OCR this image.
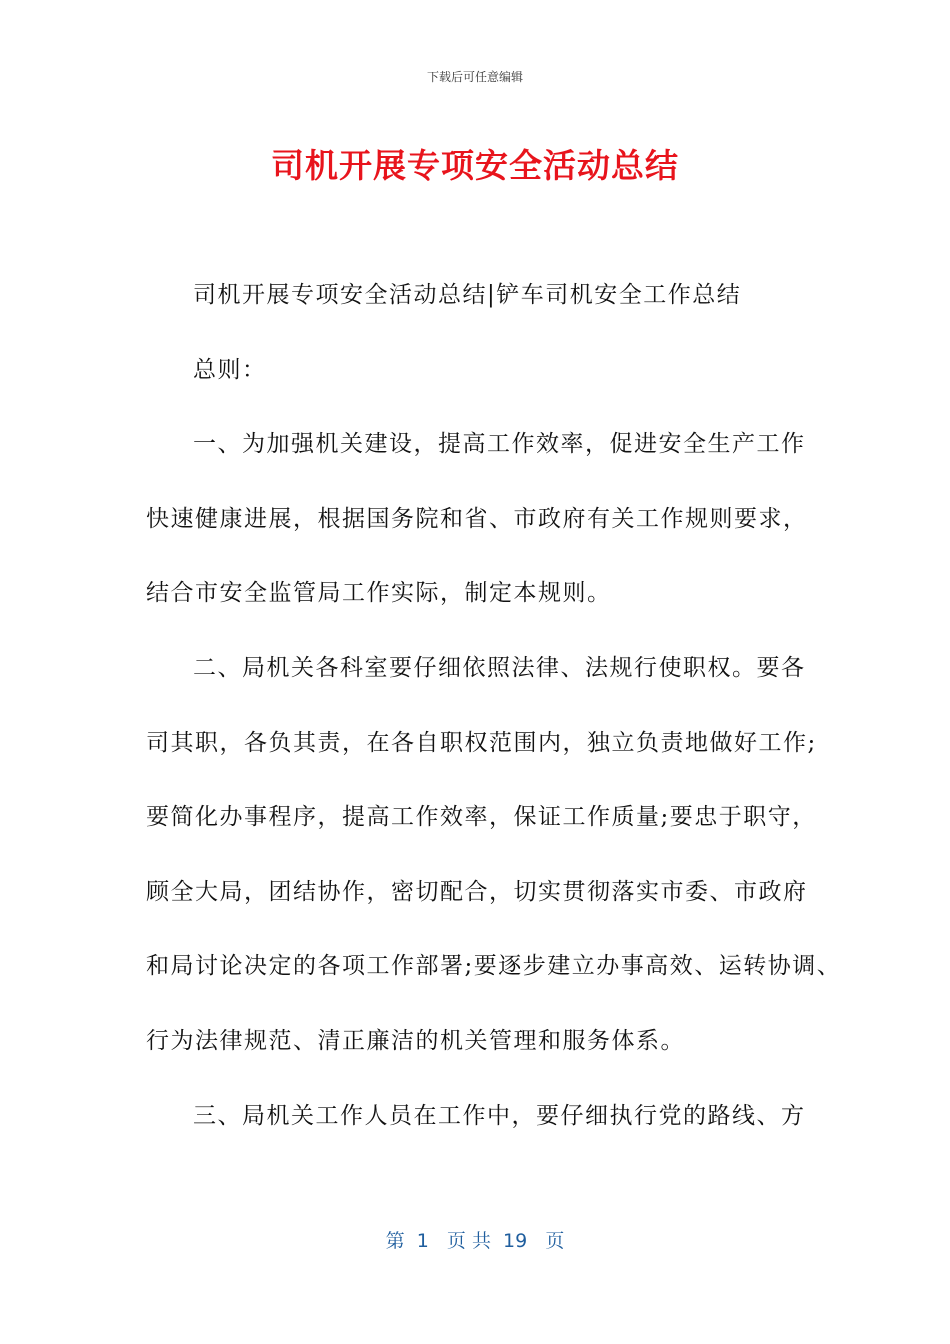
下载后可任意编辑
司机开展专项安全活动总结
司机开展专项安全活动总结|铲车司机安全工作总结
总则：
一、为加强机关建设，提高工作效率，促进安全生产工作
快速健康进展，根据国务院和省、市政府有关工作规则要求，
结合市安全监管局工作实际，制定本规则。
二、局机关各科室要仔细依照法律、法规行使职权。要各
司其职，各负其责，在各自职权范围内，独立负责地做好工作;
要简化办事程序，提高工作效率，保证工作质量;要忠于职守，
顾全大局，团结协作，密切配合，切实贯彻落实市委、市政府
和局讨论决定的各项工作部署;要逐步建立办事高效、运转协调、
行为法律规范、清正廉洁的机关管理和服务体系。
三、局机关工作人员在工作中，要仔细执行党的路线、方
第  1   页 共  19   页
